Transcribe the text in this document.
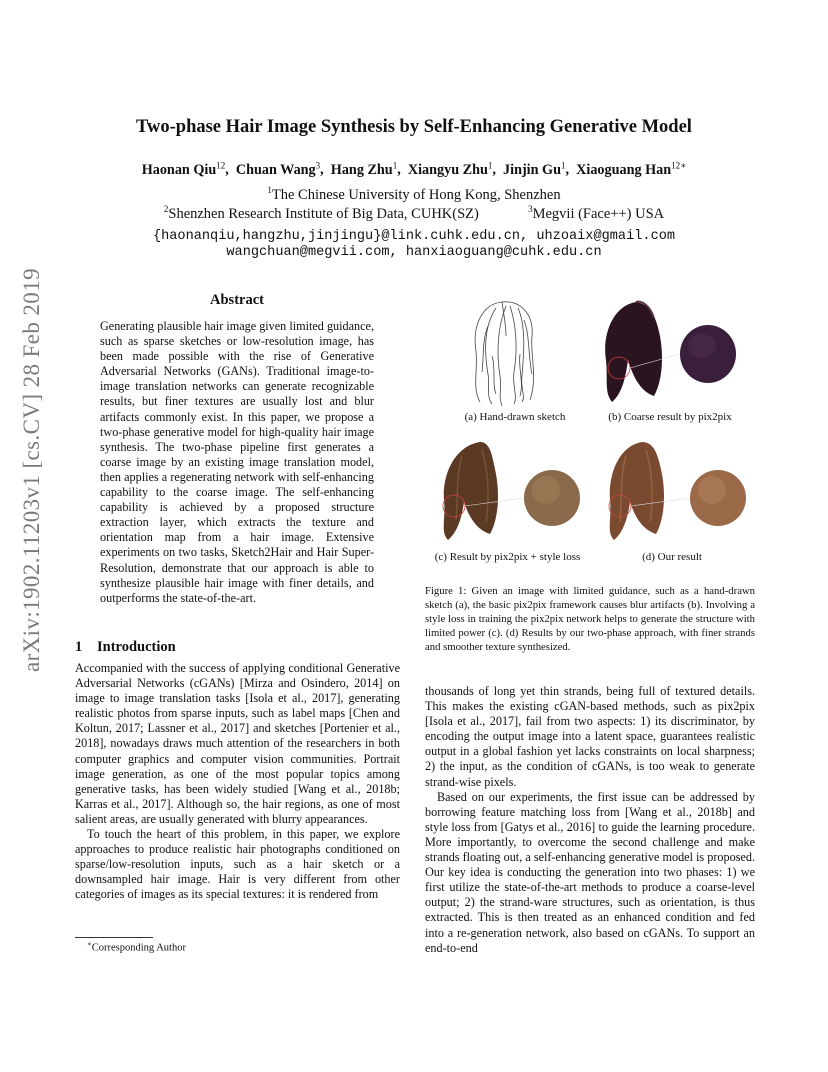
arXiv:1902.11203v1 [cs.CV] 28 Feb 2019
Two-phase Hair Image Synthesis by Self-Enhancing Generative Model
Haonan Qiu$^{12}$,  Chuan Wang$^3$,  Hang Zhu$^1$,  Xiangyu Zhu$^1$,  Jinjin Gu$^1$,  Xiaoguang Han$^{12∗}$
$^1$The Chinese University of Hong Kong, Shenzhen
$^2$Shenzhen Research Institute of Big Data, CUHK(SZ)	$^3$Megvii (Face++) USA
{haonanqiu,hangzhu,jinjingu}@link.cuhk.edu.cn, uhzoaix@gmail.com
wangchuan@megvii.com, hanxiaoguang@cuhk.edu.cn
Abstract
Generating plausible hair image given limited guidance, such as sparse sketches or low-resolution image, has been made possible with the rise of Generative Adversarial Networks (GANs). Traditional image-to-image translation networks can generate recognizable results, but finer textures are usually lost and blur artifacts commonly exist. In this paper, we propose a two-phase generative model for high-quality hair image synthesis. The two-phase pipeline first generates a coarse image by an existing image translation model, then applies a regenerating network with self-enhancing capability to the coarse image. The self-enhancing capability is achieved by a proposed structure extraction layer, which extracts the texture and orientation map from a hair image. Extensive experiments on two tasks, Sketch2Hair and Hair Super-Resolution, demonstrate that our approach is able to synthesize plausible hair image with finer details, and outperforms the state-of-the-art.
1 Introduction

Accompanied with the success of applying conditional Generative Adversarial Networks (cGANs) [Mirza and Osindero, 2014] on image to image translation tasks [Isola et al., 2017], generating realistic photos from sparse inputs, such as label maps [Chen and Koltun, 2017; Lassner et al., 2017] and sketches [Portenier et al., 2018], nowadays draws much attention of the researchers in both computer graphics and computer vision communities. Portrait image generation, as one of the most popular topics among generative tasks, has been widely studied [Wang et al., 2018b; Karras et al., 2017]. Although so, the hair regions, as one of most salient areas, are usually generated with blurry appearances.

To touch the heart of this problem, in this paper, we explore approaches to produce realistic hair photographs conditioned on sparse/low-resolution inputs, such as a hair sketch or a downsampled hair image. Hair is very different from other categories of images as its special textures: it is rendered from

thousands of long yet thin strands, being full of textured details. This makes the existing cGAN-based methods, such as pix2pix [Isola et al., 2017], fail from two aspects: 1) its discriminator, by encoding the output image into a latent space, guarantees realistic output in a global fashion yet lacks constraints on local sharpness; 2) the input, as the condition of cGANs, is too weak to generate strand-wise pixels.

Based on our experiments, the first issue can be addressed by borrowing feature matching loss from [Wang et al., 2018b] and style loss from [Gatys et al., 2016] to guide the learning procedure. More importantly, to overcome the second challenge and make strands floating out, a self-enhancing generative model is proposed. Our key idea is conducting the generation into two phases: 1) we first utilize the state-of-the-art methods to produce a coarse-level output; 2) the strand-ware structures, such as orientation, is thus extracted. This is then treated as an enhanced condition and fed into a re-generation network, also based on cGANs. To support an end-to-end

∗Corresponding Author
(a) Hand-drawn sketch	(b) Coarse result by pix2pix
(c) Result by pix2pix + style loss	(d) Our result
Figure 1: Given an image with limited guidance, such as a hand-drawn sketch (a), the basic pix2pix framework causes blur artifacts (b). Involving a style loss in training the pix2pix network helps to generate the structure with limited power (c). (d) Results by our two-phase approach, with finer strands and smoother texture synthesized.
